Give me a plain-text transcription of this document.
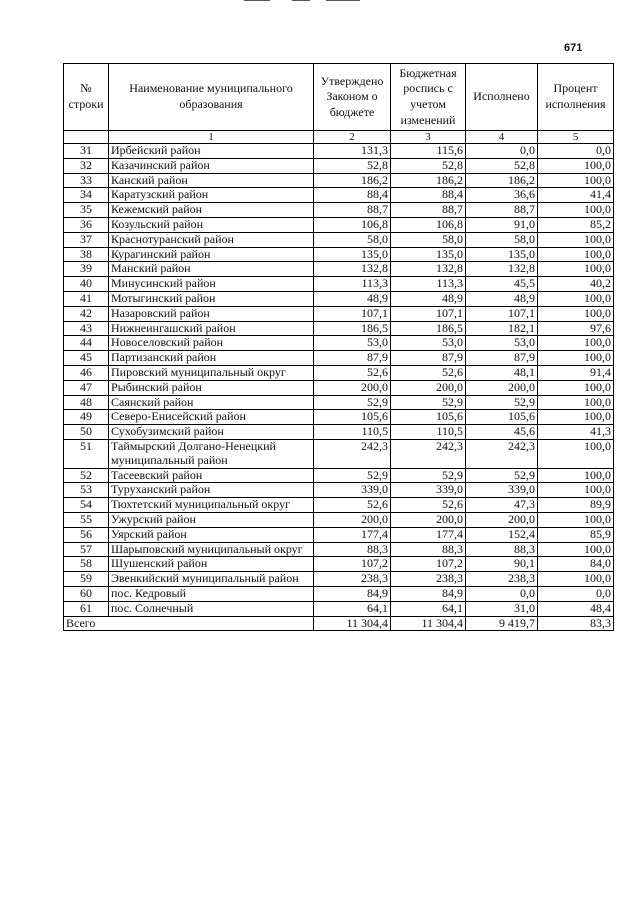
671
№ строки	Наименование муниципального образования	Утверждено Законом о бюджете	Бюджетная роспись с учетом изменений	Исполнено	Процент исполнения
	1	2	3	4	5
31	Ирбейский район	131,3	115,6	0,0	0,0
32	Казачинский район	52,8	52,8	52,8	100,0
33	Канский район	186,2	186,2	186,2	100,0
34	Каратузский район	88,4	88,4	36,6	41,4
35	Кежемский район	88,7	88,7	88,7	100,0
36	Козульский район	106,8	106,8	91,0	85,2
37	Краснотуранский район	58,0	58,0	58,0	100,0
38	Курагинский район	135,0	135,0	135,0	100,0
39	Манский район	132,8	132,8	132,8	100,0
40	Минусинский район	113,3	113,3	45,5	40,2
41	Мотыгинский район	48,9	48,9	48,9	100,0
42	Назаровский район	107,1	107,1	107,1	100,0
43	Нижнеингашский район	186,5	186,5	182,1	97,6
44	Новоселовский район	53,0	53,0	53,0	100,0
45	Партизанский район	87,9	87,9	87,9	100,0
46	Пировский муниципальный округ	52,6	52,6	48,1	91,4
47	Рыбинский район	200,0	200,0	200,0	100,0
48	Саянский район	52,9	52,9	52,9	100,0
49	Северо-Енисейский район	105,6	105,6	105,6	100,0
50	Сухобузимский район	110,5	110,5	45,6	41,3
51	Таймырский Долгано-Ненецкий муниципальный район	242,3	242,3	242,3	100,0
52	Тасеевский район	52,9	52,9	52,9	100,0
53	Туруханский район	339,0	339,0	339,0	100,0
54	Тюхтетский муниципальный округ	52,6	52,6	47,3	89,9
55	Ужурский район	200,0	200,0	200,0	100,0
56	Уярский район	177,4	177,4	152,4	85,9
57	Шарыповский муниципальный округ	88,3	88,3	88,3	100,0
58	Шушенский район	107,2	107,2	90,1	84,0
59	Эвенкийский муниципальный район	238,3	238,3	238,3	100,0
60	пос. Кедровый	84,9	84,9	0,0	0,0
61	пос. Солнечный	64,1	64,1	31,0	48,4
Всего		11 304,4	11 304,4	9 419,7	83,3
